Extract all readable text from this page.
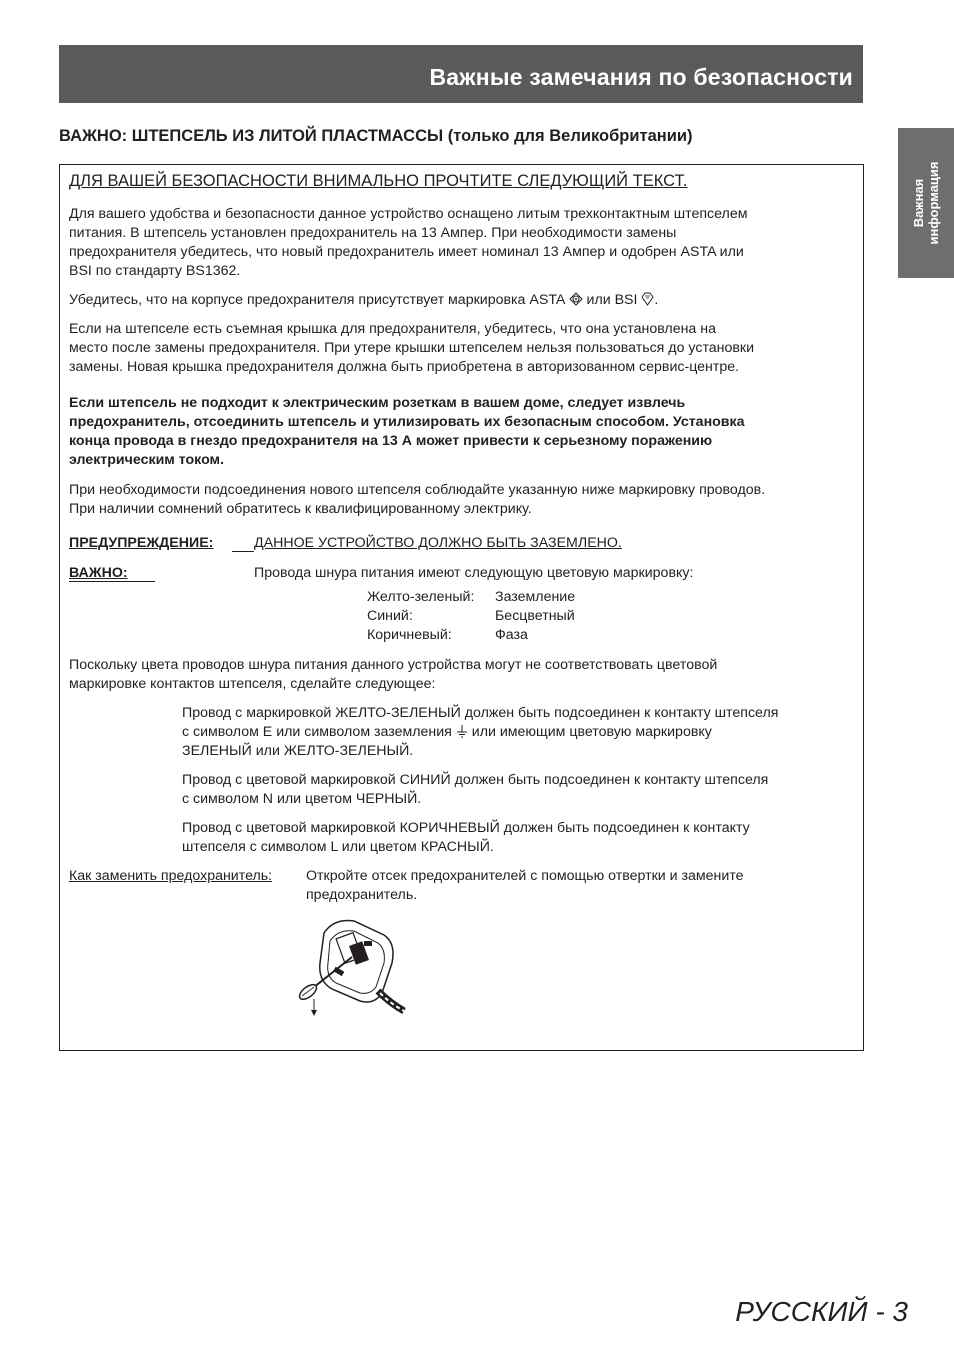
Важные замечания по безопасности
ВАЖНО: ШТЕПСЕЛЬ ИЗ ЛИТОЙ ПЛАСТМАССЫ (только для Великобритании)
Важная информация
ДЛЯ ВАШЕЙ БЕЗОПАСНОСТИ ВНИМАЛЬНО ПРОЧТИТЕ СЛЕДУЮЩИЙ ТЕКСТ.
Для вашего удобства и безопасности данное устройство оснащено литым трехконтактным штепселем
питания. В штепсель установлен предохранитель на 13 Ампер. При необходимости замены
предохранителя убедитесь, что новый предохранитель имеет номинал 13 Ампер и одобрен ASTA или
BSI по стандарту BS1362.
Убедитесь, что на корпусе предохранителя присутствует маркировка ASTA или BSI .
Если на штепселе есть съемная крышка для предохранителя, убедитесь, что она установлена на
место после замены предохранителя. При утере крышки штепселем нельзя пользоваться до установки
замены. Новая крышка предохранителя должна быть приобретена в авторизованном сервис-центре.
Если штепсель не подходит к электрическим розеткам в вашем доме, следует извлечь
предохранитель, отсоединить штепсель и утилизировать их безопасным способом. Установка
конца провода в гнездо предохранителя на 13 А может привести к серьезному поражению
электрическим током.
При необходимости подсоединения нового штепселя соблюдайте указанную ниже маркировку проводов.
При наличии сомнений обратитесь к квалифицированному электрику.
ПРЕДУПРЕЖДЕНИЕ:	ДАННОЕ УСТРОЙСТВО ДОЛЖНО БЫТЬ ЗАЗЕМЛЕНО.
ВАЖНО:	Провода шнура питания имеют следующую цветовую маркировку:
Желто-зеленый: Заземление
Синий:	Бесцветный
Коричневый:	Фаза
Поскольку цвета проводов шнура питания данного устройства могут не соответствовать цветовой
маркировке контактов штепселя, сделайте следующее:
Провод с маркировкой ЖЕЛТО-ЗЕЛЕНЫЙ должен быть подсоединен к контакту штепселя
с символом E или символом заземления или имеющим цветовую маркировку
ЗЕЛЕНЫЙ или ЖЕЛТО-ЗЕЛЕНЫЙ.
Провод с цветовой маркировкой СИНИЙ должен быть подсоединен к контакту штепселя
с символом N или цветом ЧЕРНЫЙ.
Провод с цветовой маркировкой КОРИЧНЕВЫЙ должен быть подсоединен к контакту
штепселя с символом L или цветом КРАСНЫЙ.
Как заменить предохранитель: Откройте отсек предохранителей с помощью отвертки и замените
предохранитель.
РУССКИЙ - 3
